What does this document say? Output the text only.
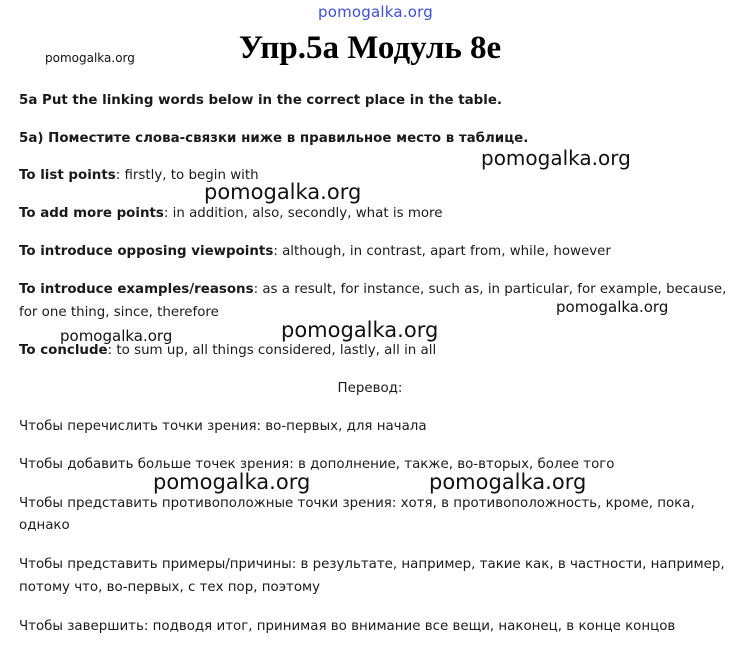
pomogalka.org
Упр.5а Модуль 8е
pomogalka.org
5a Put the linking words below in the correct place in the table.
5a) Поместите слова-связки ниже в правильное место в таблице.
pomogalka.org
To list points: firstly, to begin with
pomogalka.org
To add more points: in addition, also, secondly, what is more
To introduce opposing viewpoints: although, in contrast, apart from, while, however
To introduce examples/reasons: as a result, for instance, such as, in particular, for example, because,
for one thing, since, therefore	pomogalka.org
pomogalka.org	pomogalka.org
To conclude: to sum up, all things considered, lastly, all in all
Перевод:
Чтобы перечислить точки зрения: во-первых, для начала
Чтобы добавить больше точек зрения: в дополнение, также, во-вторых, более того
pomogalka.org	pomogalka.org
Чтобы представить противоположные точки зрения: хотя, в противоположность, кроме, пока,
однако
Чтобы представить примеры/причины: в результате, например, такие как, в частности, например,
потому что, во-первых, с тех пор, поэтому
Чтобы завершить: подводя итог, принимая во внимание все вещи, наконец, в конце концов
